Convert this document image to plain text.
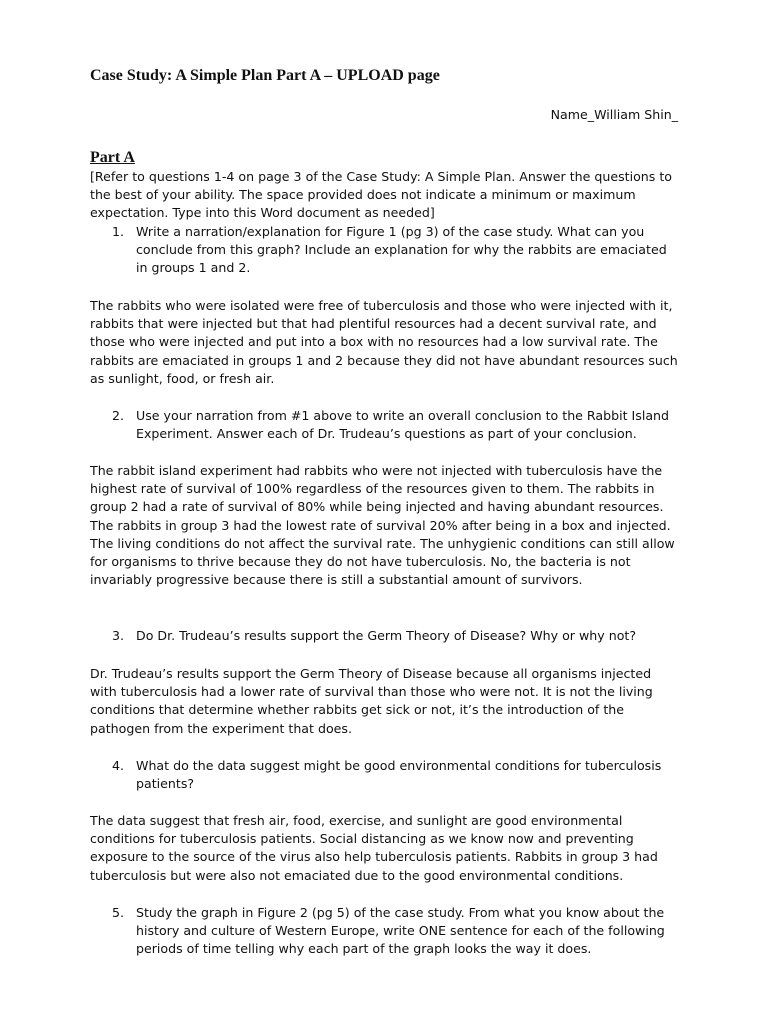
Case Study: A Simple Plan Part A – UPLOAD page
Name_William Shin_
Part A

[Refer to questions 1-4 on page 3 of the Case Study: A Simple Plan. Answer the questions to the best of your ability. The space provided does not indicate a minimum or maximum expectation. Type into this Word document as needed]

1. Write a narration/explanation for Figure 1 (pg 3) of the case study. What can you conclude from this graph? Include an explanation for why the rabbits are emaciated in groups 1 and 2.

The rabbits who were isolated were free of tuberculosis and those who were injected with it, rabbits that were injected but that had plentiful resources had a decent survival rate, and those who were injected and put into a box with no resources had a low survival rate. The rabbits are emaciated in groups 1 and 2 because they did not have abundant resources such as sunlight, food, or fresh air.

2. Use your narration from #1 above to write an overall conclusion to the Rabbit Island Experiment. Answer each of Dr. Trudeau’s questions as part of your conclusion.

The rabbit island experiment had rabbits who were not injected with tuberculosis have the highest rate of survival of 100% regardless of the resources given to them. The rabbits in group 2 had a rate of survival of 80% while being injected and having abundant resources. The rabbits in group 3 had the lowest rate of survival 20% after being in a box and injected. The living conditions do not affect the survival rate. The unhygienic conditions can still allow for organisms to thrive because they do not have tuberculosis. No, the bacteria is not invariably progressive because there is still a substantial amount of survivors.

3. Do Dr. Trudeau’s results support the Germ Theory of Disease? Why or why not?

Dr. Trudeau’s results support the Germ Theory of Disease because all organisms injected with tuberculosis had a lower rate of survival than those who were not. It is not the living conditions that determine whether rabbits get sick or not, it’s the introduction of the pathogen from the experiment that does.

4. What do the data suggest might be good environmental conditions for tuberculosis patients?

The data suggest that fresh air, food, exercise, and sunlight are good environmental conditions for tuberculosis patients. Social distancing as we know now and preventing exposure to the source of the virus also help tuberculosis patients. Rabbits in group 3 had tuberculosis but were also not emaciated due to the good environmental conditions.

5. Study the graph in Figure 2 (pg 5) of the case study. From what you know about the history and culture of Western Europe, write ONE sentence for each of the following periods of time telling why each part of the graph looks the way it does.
